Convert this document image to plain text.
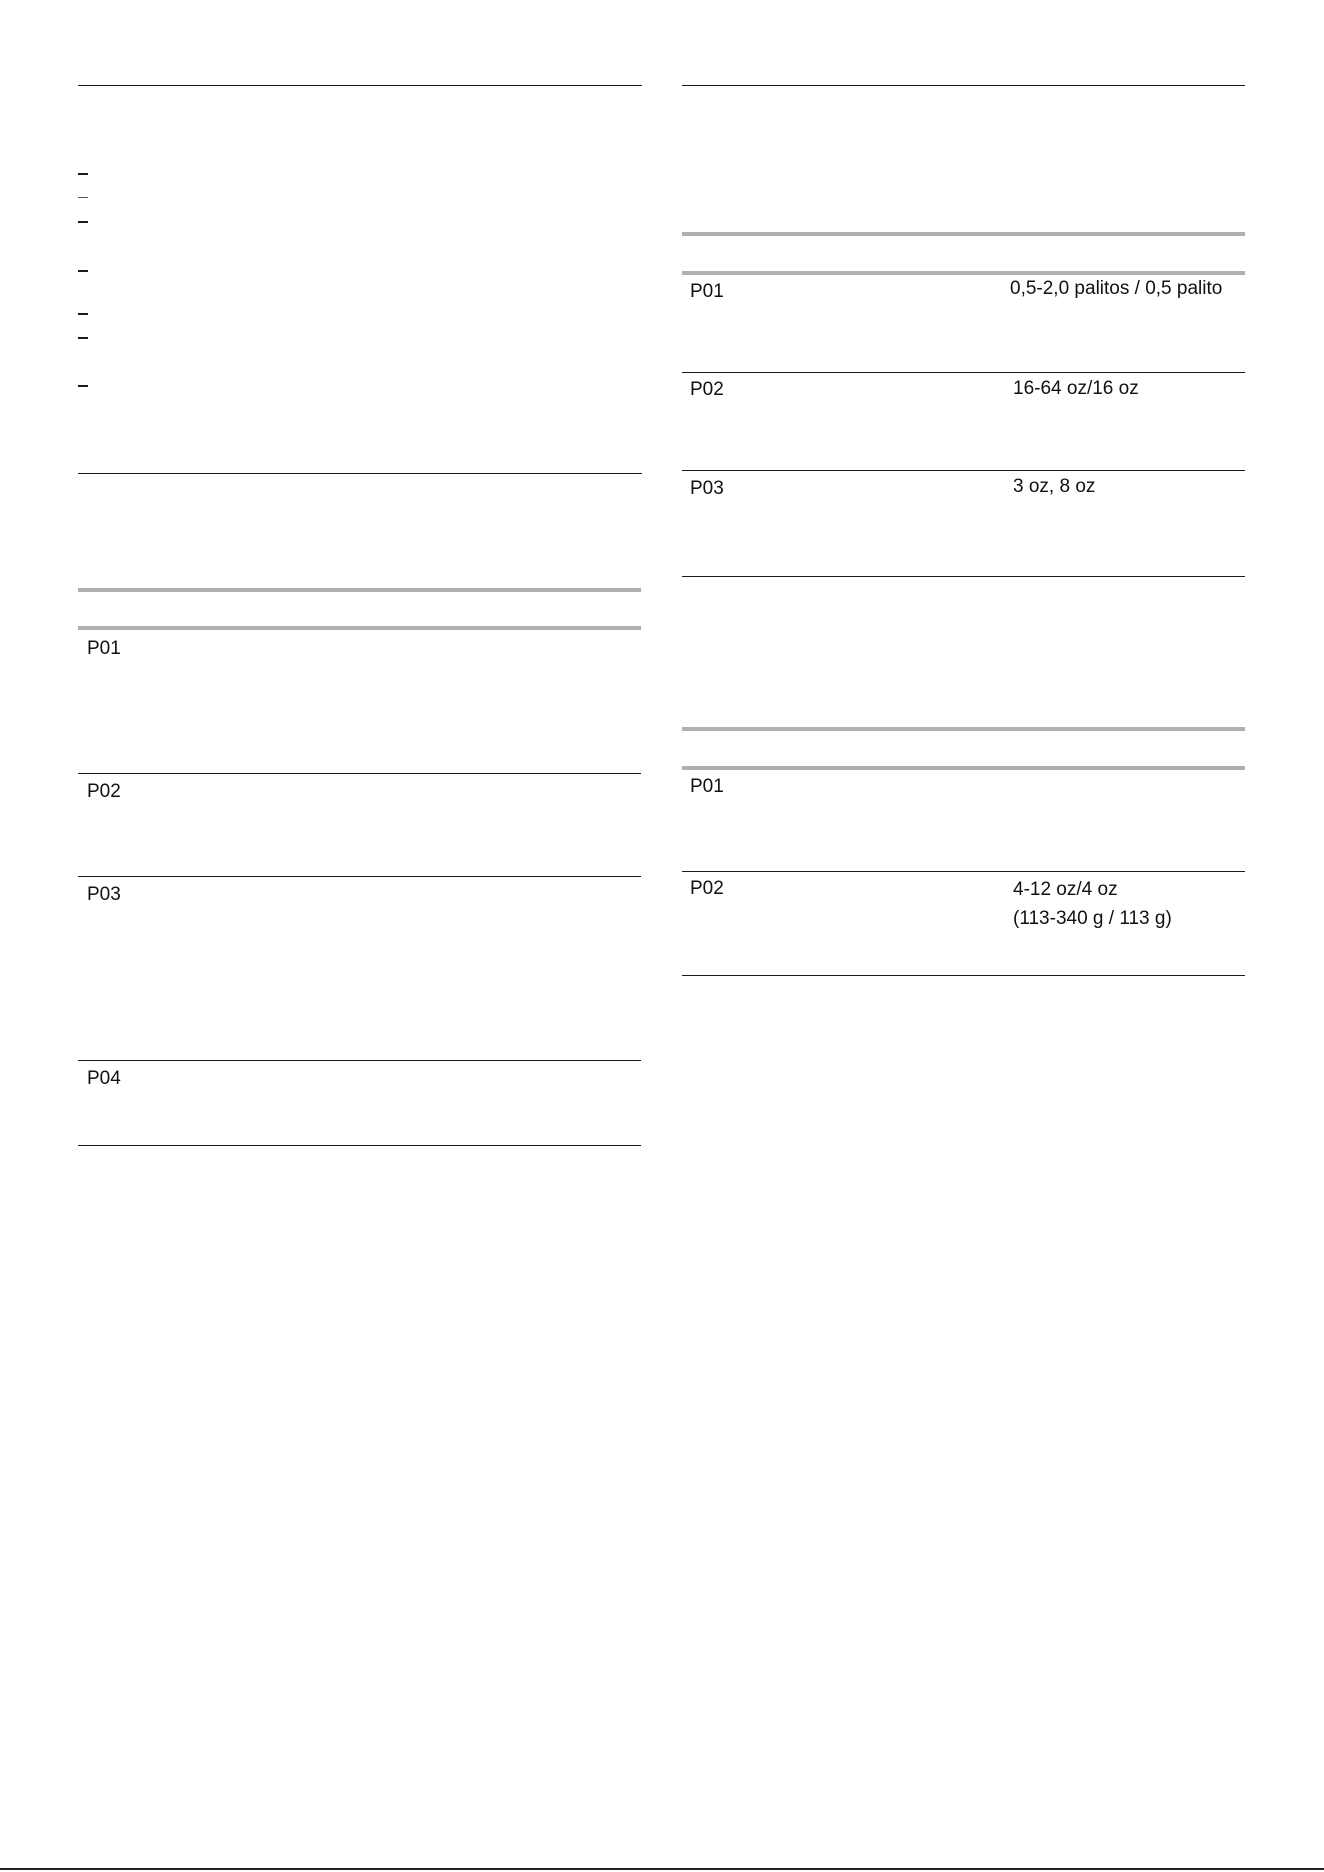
P01
P02
P03
P04
P01	0,5-2,0 palitos / 0,5 palito
P02	16-64 oz/16 oz
P03	3 oz, 8 oz
P01
P02	4-12 oz/4 oz
(113-340 g / 113 g)
